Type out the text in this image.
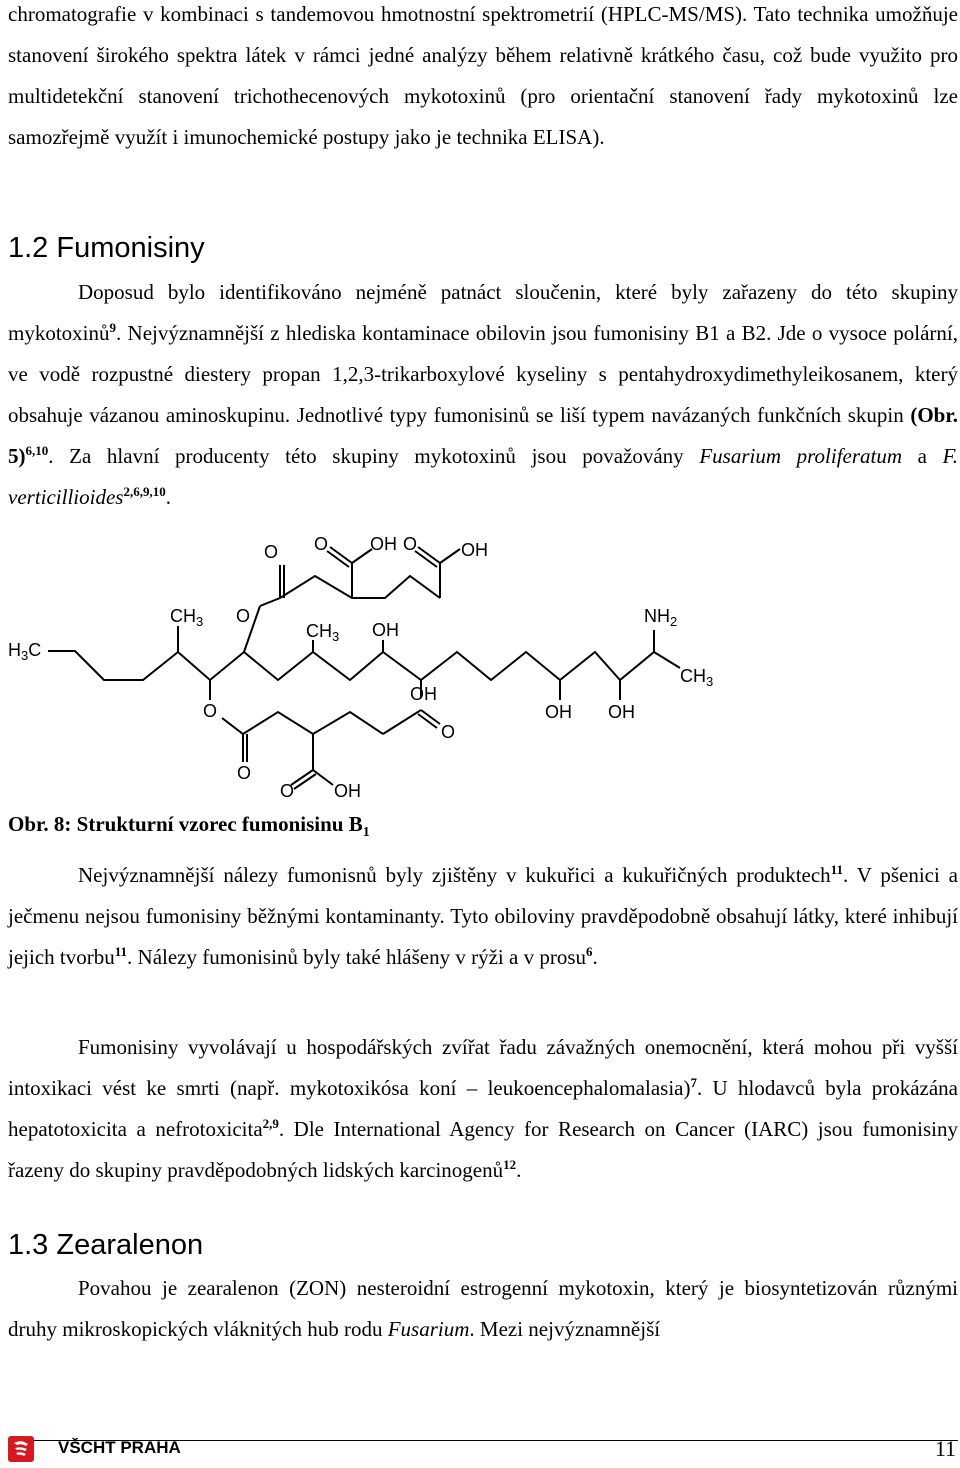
chromatografie v kombinaci s tandemovou hmotnostní spektrometrií (HPLC-MS/MS). Tato technika umožňuje stanovení širokého spektra látek v rámci jedné analýzy během relativně krátkého času, což bude využito pro multidetekční stanovení trichothecenových mykotoxinů (pro orientační stanovení řady mykotoxinů lze samozřejmě využít i imunochemické postupy jako je technika ELISA).

1.2 Fumonisiny

Doposud bylo identifikováno nejméně patnáct sloučenin, které byly zařazeny do této skupiny mykotoxinů$^9$. Nejvýznamnější z hlediska kontaminace obilovin jsou fumonisiny B1 a B2. Jde o vysoce polární, ve vodě rozpustné diestery propan 1,2,3-trikarboxylové kyseliny s pentahydroxydimethyleikosanem, který obsahuje vázanou aminoskupinu. Jednotlivé typy fumonisinů se liší typem navázaných funkčních skupin (Obr. 5)$^{6,10}$. Za hlavní producenty této skupiny mykotoxinů jsou považovány Fusarium proliferatum a F. verticillioides$^{2,6,9,10}$.

O O OH O OH
$CH_3$ O
$CH_3$ OH
$NH_2$
$H_3C$
$CH_3$
OH
O
O
OH OH
O
O OH

Obr. 8: Strukturní vzorec fumonisinu $B_1$

Nejvýznamnější nálezy fumonisnů byly zjištěny v kukuřici a kukuřičných produktech$^{11}$. V pšenici a ječmenu nejsou fumonisiny běžnými kontaminanty. Tyto obiloviny pravděpodobně obsahují látky, které inhibují jejich tvorbu$^{11}$. Nálezy fumonisinů byly také hlášeny v rýži a v prosu$^6$.

Fumonisiny vyvolávají u hospodářských zvířat řadu závažných onemocnění, která mohou při vyšší intoxikaci vést ke smrti (např. mykotoxikósa koní – leukoencephalomalasia)$^7$. U hlodavců byla prokázána hepatotoxicita a nefrotoxicita$^{2,9}$. Dle International Agency for Research on Cancer (IARC) jsou fumonisiny řazeny do skupiny pravděpodobných lidských karcinogenů$^{12}$.

1.3 Zearalenon

Povahou je zearalenon (ZON) nesteroidní estrogenní mykotoxin, který je biosyntetizován různými druhy mikroskopických vláknitých hub rodu Fusarium. Mezi nejvýznamnější

VŠCHT PRAHA	11
